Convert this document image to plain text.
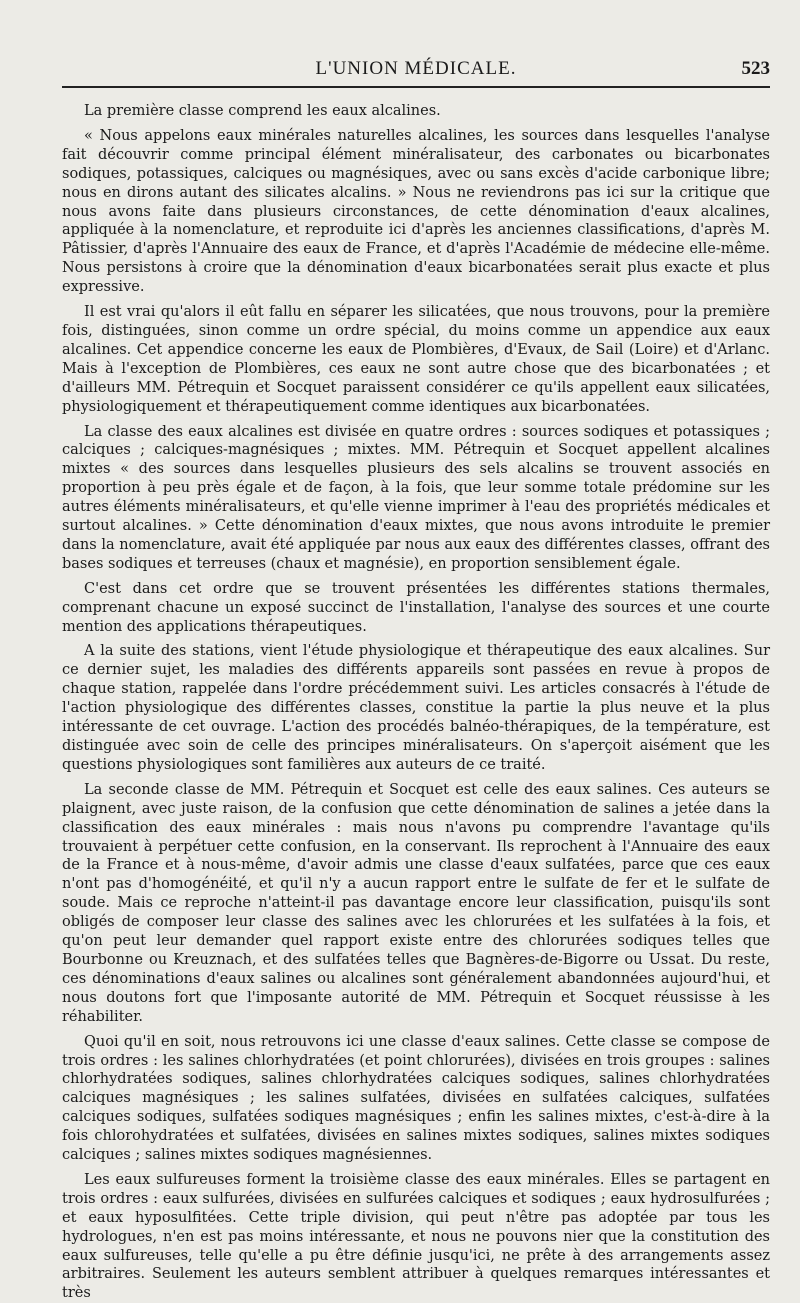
L'UNION MÉDICALE.	523

La première classe comprend les eaux alcalines.

« Nous appelons eaux minérales naturelles alcalines, les sources dans lesquelles l'analyse fait découvrir comme principal élément minéralisateur, des carbonates ou bicarbonates sodiques, potassiques, calciques ou magnésiques, avec ou sans excès d'acide carbonique libre; nous en dirons autant des silicates alcalins. » Nous ne reviendrons pas ici sur la critique que nous avons faite dans plusieurs circonstances, de cette dénomination d'eaux alcalines, appliquée à la nomenclature, et reproduite ici d'après les anciennes classifications, d'après M. Pâtissier, d'après l'Annuaire des eaux de France, et d'après l'Académie de médecine elle-même. Nous persistons à croire que la dénomination d'eaux bicarbonatées serait plus exacte et plus expressive.

Il est vrai qu'alors il eût fallu en séparer les silicatées, que nous trouvons, pour la première fois, distinguées, sinon comme un ordre spécial, du moins comme un appendice aux eaux alcalines. Cet appendice concerne les eaux de Plombières, d'Evaux, de Sail (Loire) et d'Arlanc. Mais à l'exception de Plombières, ces eaux ne sont autre chose que des bicarbonatées ; et d'ailleurs MM. Pétrequin et Socquet paraissent considérer ce qu'ils appellent eaux silicatées, physiologiquement et thérapeutiquement comme identiques aux bicarbonatées.

La classe des eaux alcalines est divisée en quatre ordres : sources sodiques et potassiques ; calciques ; calciques-magnésiques ; mixtes. MM. Pétrequin et Socquet appellent alcalines mixtes « des sources dans lesquelles plusieurs des sels alcalins se trouvent associés en proportion à peu près égale et de façon, à la fois, que leur somme totale prédomine sur les autres éléments minéralisateurs, et qu'elle vienne imprimer à l'eau des propriétés médicales et surtout alcalines. » Cette dénomination d'eaux mixtes, que nous avons introduite le premier dans la nomenclature, avait été appliquée par nous aux eaux des différentes classes, offrant des bases sodiques et terreuses (chaux et magnésie), en proportion sensiblement égale.

C'est dans cet ordre que se trouvent présentées les différentes stations thermales, comprenant chacune un exposé succinct de l'installation, l'analyse des sources et une courte mention des applications thérapeutiques.

A la suite des stations, vient l'étude physiologique et thérapeutique des eaux alcalines. Sur ce dernier sujet, les maladies des différents appareils sont passées en revue à propos de chaque station, rappelée dans l'ordre précédemment suivi. Les articles consacrés à l'étude de l'action physiologique des différentes classes, constitue la partie la plus neuve et la plus intéressante de cet ouvrage. L'action des procédés balnéo-thérapiques, de la température, est distinguée avec soin de celle des principes minéralisateurs. On s'aperçoit aisément que les questions physiologiques sont familières aux auteurs de ce traité.

La seconde classe de MM. Pétrequin et Socquet est celle des eaux salines. Ces auteurs se plaignent, avec juste raison, de la confusion que cette dénomination de salines a jetée dans la classification des eaux minérales : mais nous n'avons pu comprendre l'avantage qu'ils trouvaient à perpétuer cette confusion, en la conservant. Ils reprochent à l'Annuaire des eaux de la France et à nous-même, d'avoir admis une classe d'eaux sulfatées, parce que ces eaux n'ont pas d'homogénéité, et qu'il n'y a aucun rapport entre le sulfate de fer et le sulfate de soude. Mais ce reproche n'atteint-il pas davantage encore leur classification, puisqu'ils sont obligés de composer leur classe des salines avec les chlorurées et les sulfatées à la fois, et qu'on peut leur demander quel rapport existe entre des chlorurées sodiques telles que Bourbonne ou Kreuznach, et des sulfatées telles que Bagnères-de-Bigorre ou Ussat. Du reste, ces dénominations d'eaux salines ou alcalines sont généralement abandonnées aujourd'hui, et nous doutons fort que l'imposante autorité de MM. Pétrequin et Socquet réussisse à les réhabiliter.

Quoi qu'il en soit, nous retrouvons ici une classe d'eaux salines. Cette classe se compose de trois ordres : les salines chlorhydratées (et point chlorurées), divisées en trois groupes : salines chlorhydratées sodiques, salines chlorhydratées calciques sodiques, salines chlorhydratées calciques magnésiques ; les salines sulfatées, divisées en sulfatées calciques, sulfatées calciques sodiques, sulfatées sodiques magnésiques ; enfin les salines mixtes, c'est-à-dire à la fois chlorohydratées et sulfatées, divisées en salines mixtes sodiques, salines mixtes sodiques calciques ; salines mixtes sodiques magnésiennes.

Les eaux sulfureuses forment la troisième classe des eaux minérales. Elles se partagent en trois ordres : eaux sulfurées, divisées en sulfurées calciques et sodiques ; eaux hydrosulfurées ; et eaux hyposulfitées. Cette triple division, qui peut n'être pas adoptée par tous les hydrologues, n'en est pas moins intéressante, et nous ne pouvons nier que la constitution des eaux sulfureuses, telle qu'elle a pu être définie jusqu'ici, ne prête à des arrangements assez arbitraires. Seulement les auteurs semblent attribuer à quelques remarques intéressantes et très
